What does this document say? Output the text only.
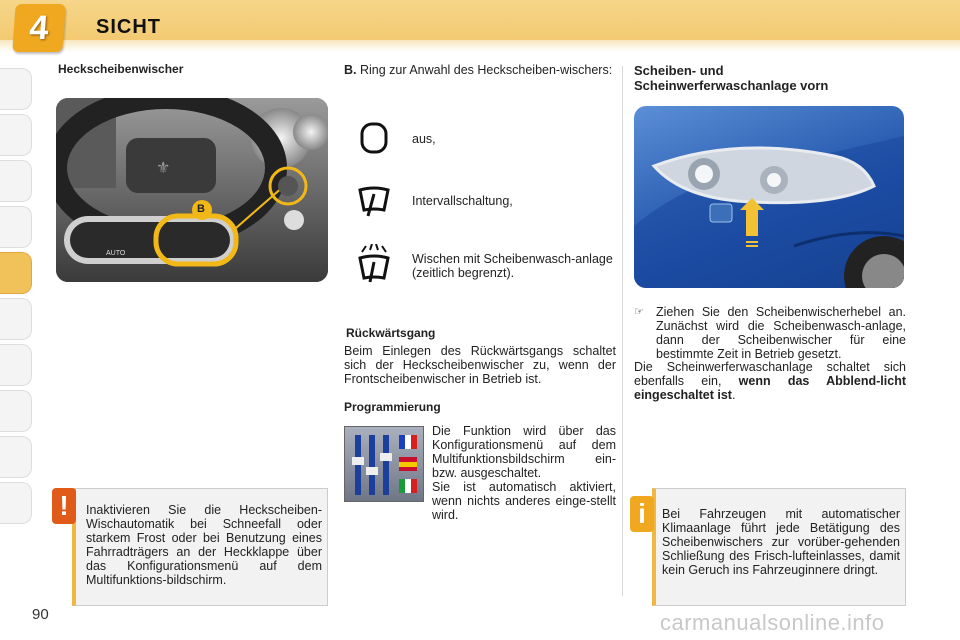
4 SICHT
Heckscheibenwischer
⚜
B
AUTO
Inaktivieren Sie die Heckscheiben-Wischautomatik bei Schneefall oder starkem Frost oder bei Benutzung eines Fahrradträgers an der Heckklappe über das Konfigurationsmenü auf dem Multifunktions-bildschirm.
!
B. Ring zur Anwahl des Heckscheiben-wischers:
aus,
Intervallschaltung,
Wischen mit Scheibenwasch-anlage (zeitlich begrenzt).
Rückwärtsgang
Beim Einlegen des Rückwärtsgangs schaltet sich der Heckscheibenwischer zu, wenn der Frontscheibenwischer in Betrieb ist.
Programmierung
Die Funktion wird über das Konfigurationsmenü auf dem Multifunktionsbildschirm ein- bzw. ausgeschaltet.
Sie ist automatisch aktiviert, wenn nichts anderes einge-stellt wird.
Scheiben- und
Scheinwerferwaschanlage vorn
☞ Ziehen Sie den Scheibenwischerhebel an. Zunächst wird die Scheibenwasch-anlage, dann der Scheibenwischer für eine bestimmte Zeit in Betrieb gesetzt.
Die Scheinwerferwaschanlage schaltet sich ebenfalls ein, wenn das Abblend-licht eingeschaltet ist.
Bei Fahrzeugen mit automatischer Klimaanlage führt jede Betätigung des Scheibenwischers zur vorüber-gehenden Schließung des Frisch-lufteinlasses, damit kein Geruch ins Fahrzeuginnere dringt.
i
90	carmanualsonline.info
